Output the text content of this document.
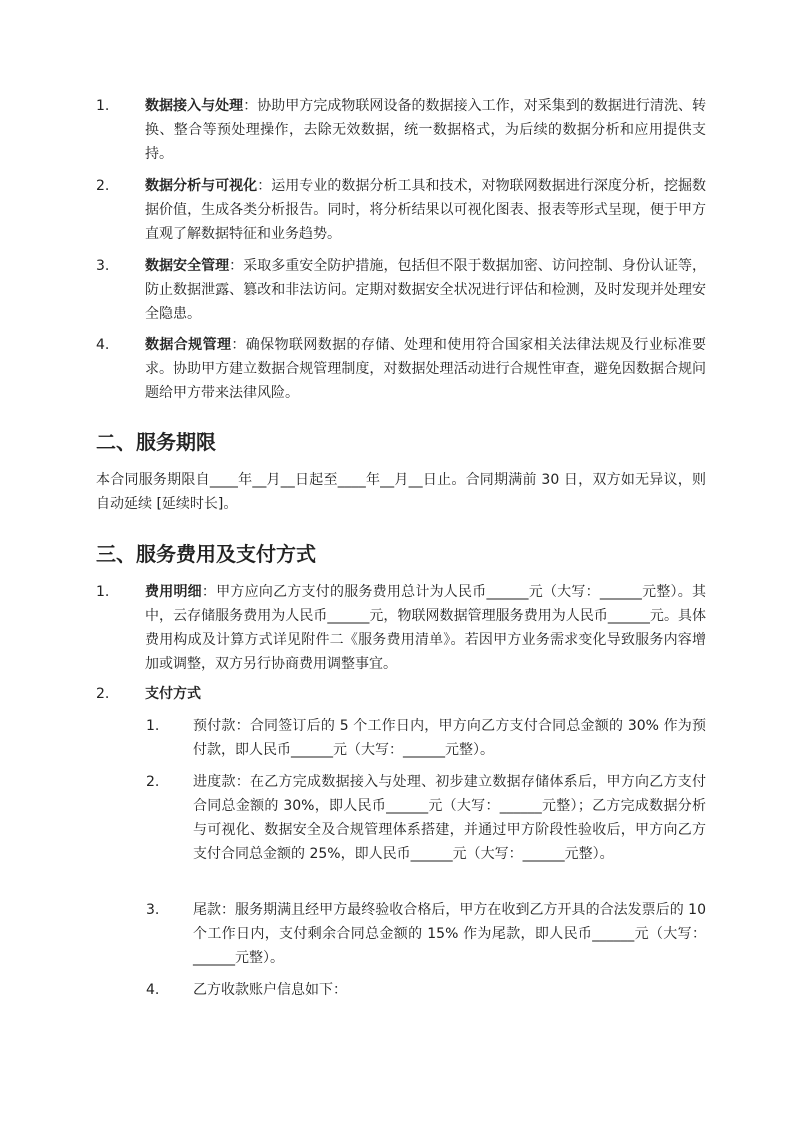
1.	数据接入与处理：协助甲方完成物联网设备的数据接入工作，对采集到的数据进行清洗、转换、整合等预处理操作，去除无效数据，统一数据格式，为后续的数据分析和应用提供支持。
2.	数据分析与可视化：运用专业的数据分析工具和技术，对物联网数据进行深度分析，挖掘数据价值，生成各类分析报告。同时，将分析结果以可视化图表、报表等形式呈现，便于甲方直观了解数据特征和业务趋势。
3.	数据安全管理：采取多重安全防护措施，包括但不限于数据加密、访问控制、身份认证等，防止数据泄露、篡改和非法访问。定期对数据安全状况进行评估和检测，及时发现并处理安全隐患。
4.	数据合规管理：确保物联网数据的存储、处理和使用符合国家相关法律法规及行业标准要求。协助甲方建立数据合规管理制度，对数据处理活动进行合规性审查，避免因数据合规问题给甲方带来法律风险。
二、服务期限
本合同服务期限自____年__月__日起至____年__月__日止。合同期满前 30 日，双方如无异议，则自动延续 [延续时长]。
三、服务费用及支付方式
1.	费用明细：甲方应向乙方支付的服务费用总计为人民币______元（大写：______元整）。其中，云存储服务费用为人民币______元，物联网数据管理服务费用为人民币______元。具体费用构成及计算方式详见附件二《服务费用清单》。若因甲方业务需求变化导致服务内容增加或调整，双方另行协商费用调整事宜。
2.	支付方式
1. 预付款：合同签订后的 5 个工作日内，甲方向乙方支付合同总金额的 30% 作为预付款，即人民币______元（大写：______元整）。
2. 进度款：在乙方完成数据接入与处理、初步建立数据存储体系后，甲方向乙方支付合同总金额的 30%，即人民币______元（大写：______元整）；乙方完成数据分析与可视化、数据安全及合规管理体系搭建，并通过甲方阶段性验收后，甲方向乙方支付合同总金额的 25%，即人民币______元（大写：______元整）。
3. 尾款：服务期满且经甲方最终验收合格后，甲方在收到乙方开具的合法发票后的 10 个工作日内，支付剩余合同总金额的 15% 作为尾款，即人民币______元（大写：______元整）。
4. 乙方收款账户信息如下：
